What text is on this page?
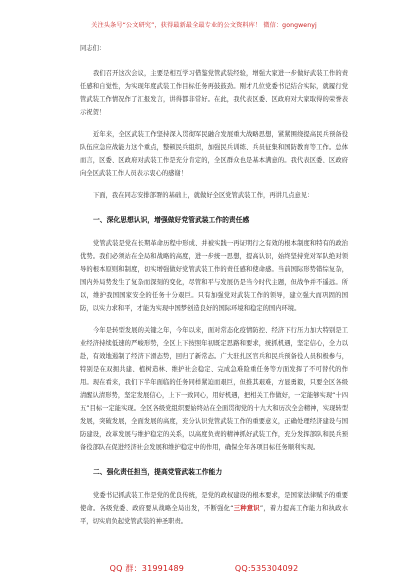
关注头条号“公文研究”，获得最新最全最专业的公文资料库！ 微信：gongwenyj

同志们：

我们召开这次会议，主要是相互学习借鉴党管武装经验，增强大家进一步做好武装工作的责任感和自觉性，为实现年度武装工作目标任务再鼓鼓劲。刚才几位党委书记结合实际，就履行党管武装工作情况作了汇报发言，讲得都非常好。在此，我代表区委、区政府对大家取得的荣誉表示祝贺！

近年来，全区武装工作坚持深入贯彻军民融合发展重大战略思想，紧紧围绕提高民兵预备役队伍应急应战能力这个重点，整顿民兵组织，加强民兵训练、兵员征集和国防教育等工作。总体而言，区委、区政府对武装工作是充分肯定的，全区群众也是基本满意的。我代表区委、区政府向全区武装工作人员表示衷心的感谢！

下面，我在同志安排部署的基础上，就做好全区党管武装工作，再讲几点意见：

一、深化思想认识，增强做好党管武装工作的责任感

党管武装是党在长期革命历程中形成、并被实践一再证明行之有效的根本制度和特有的政治优势。我们必须站在全局和战略的高度，进一步统一思想，提高认识，始终坚持党对军队绝对领导的根本原则和制度，切实增强做好党管武装工作的责任感和使命感。当前国际形势错综复杂，国内外局势发生了复杂而深刻的变化，尽管和平与发展仍是当今时代主题，但战争并不遥远。所以，维护我国国家安全的任务十分艰巨。只有加强党对武装工作的领导，建立强大而巩固的国防，以实力求和平，才能为实现中国梦创造良好的国际环境和稳定的国内环境。

今年是转型发展的关键之年，今年以来，面对常态化疫情防控、经济下行压力加大特别是工业经济持续低速的严峻形势，全区上下按照年初既定思路和要求，统抓机遇，坚定信心，全力以赴，有效地遏制了经济下滑态势，回归了新常态。广大驻扎区官兵和民兵预备役人员积极参与，特别是在双拥共建、植树造林、维护社会稳定、完成急难险重任务等方面发挥了不可替代的作用。现在看来，我们下半年面临的任务同样紧迫而艰巨，但推其艰难，方显勇毅，只要全区各级清醒认清形势，坚定发展信心，上下一致同心，用好机遇，把相关工作做好，一定能够实现“十四五”目标一定能实现。全区各级党组织要始终站在全面贯彻党的十九大和历次全会精神，实现转型发展，突破发展，全面发展的高度，充分认识党管武装工作的重要意义，正确处理经济建设与国防建设，改革发展与维护稳定的关系，以高度负责的精神抓好武装工作，充分发挥部队和民兵预备役部队在促进经济社会发展和维护稳定中的作用，确保全年各项目标任务顺利实现。

二、强化责任担当，提高党管武装工作能力

党委书记抓武装工作是党的优良传统，是党的政权建设的根本要求，是国家法律赋予的重要使命。各级党委、政府要从战略全局出发，不断强化“三种意识”，着力提高工作能力和执政水平，切实肩负起党管武装的神圣职责。

QQ 群：31991489	QQ:535304092
